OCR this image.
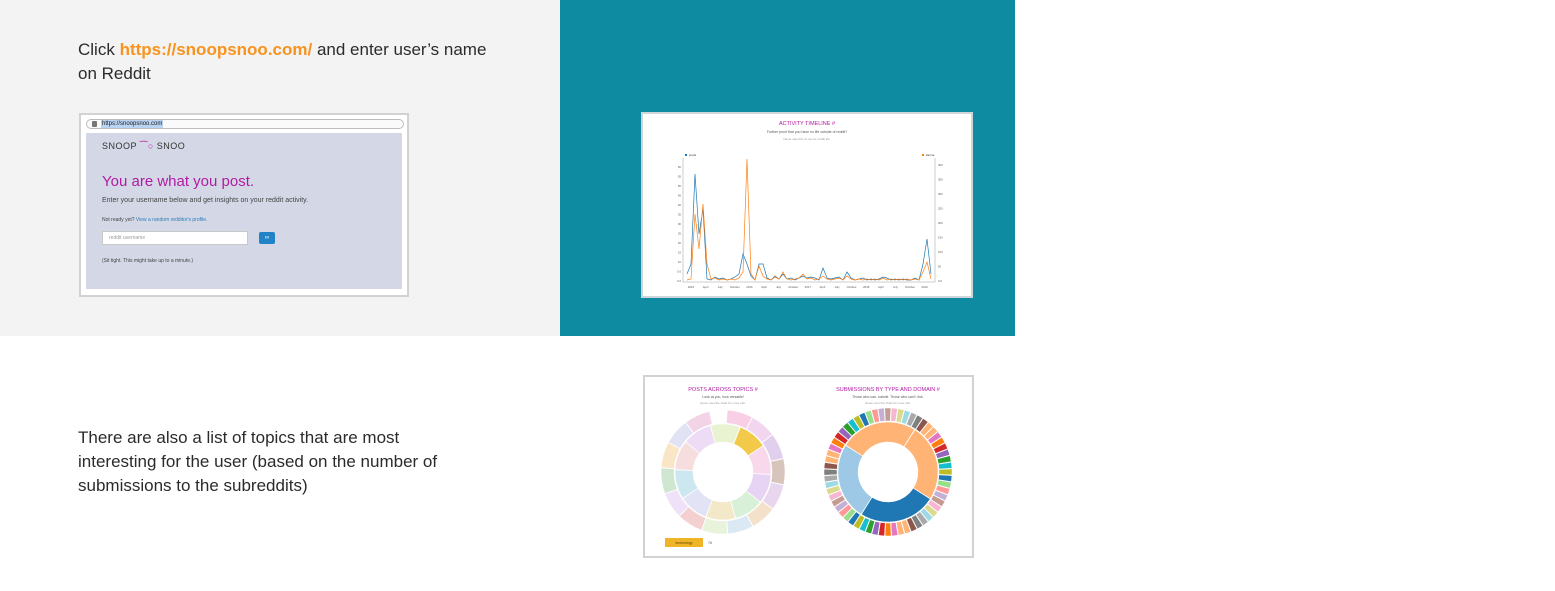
Click https://snoopsnoo.com/ and enter user’s name on Reddit

https://snoopsnoo.com
SNOOP ⁀○ SNOO
You are what you post.
Enter your username below and get insights on your reddit activity.
Not ready yet? View a random redditor's profile.
reddit username	∞
(Sit tight. This might take up to a minute.)

You can find user activity timeline and decide when is the best time for the communication

ACTIVITY TIMELINE #
Further proof that you have no life outside of reddit?
Never saw this on top for reddit life.
posts	karma
2015	April	July	October 2016	April	July	October 2017	April	July	October 2018	April	July	October 2019
0.0
5.0
10
15
20
25
30
35
40
45
50
55
60
0.0
50
100
150
200
250
300
350
400

There are also a list of topics that are most interesting for the user (based on the number of submissions to the subreddits)

POSTS ACROSS TOPICS #
Look at you, how versatile!
Hover over the chart for more info.
SUBMISSIONS BY TYPE AND DOMAIN #
Those who can, submit. Those who can't, link.
Hover over the chart for more info.
technology	76
